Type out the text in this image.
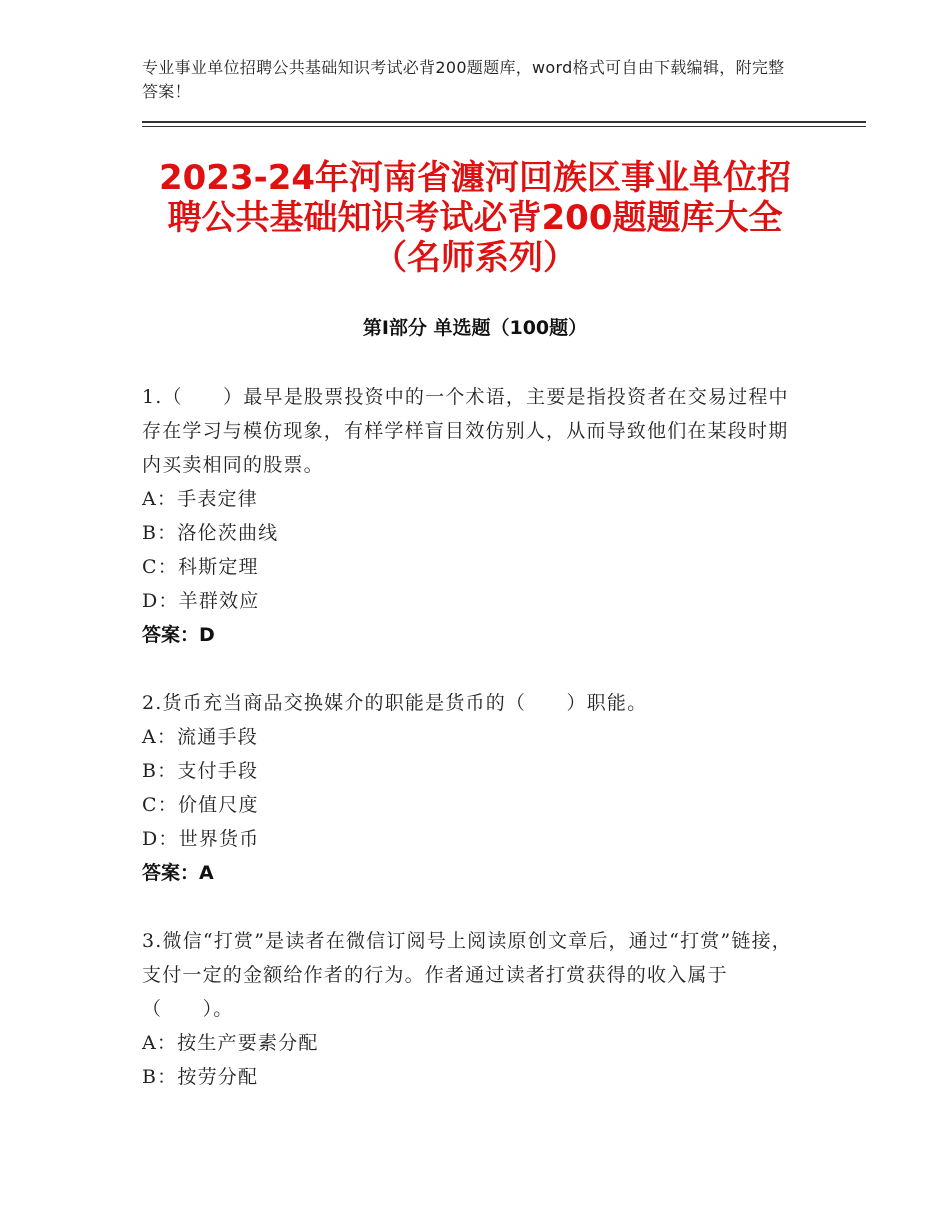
专业事业单位招聘公共基础知识考试必背200题题库，word格式可自由下载编辑，附完整答案！
2023-24年河南省瀍河回族区事业单位招聘公共基础知识考试必背200题题库大全（名师系列）
第Ⅰ部分 单选题（100题）
1.（　　）最早是股票投资中的一个术语，主要是指投资者在交易过程中存在学习与模仿现象，有样学样盲目效仿别人，从而导致他们在某段时期内买卖相同的股票。
A：手表定律
B：洛伦茨曲线
C：科斯定理
D：羊群效应
答案：D
2.货币充当商品交换媒介的职能是货币的（　　）职能。
A：流通手段
B：支付手段
C：价值尺度
D：世界货币
答案：A
3.微信“打赏”是读者在微信订阅号上阅读原创文章后，通过“打赏”链接，支付一定的金额给作者的行为。作者通过读者打赏获得的收入属于（　　）。
A：按生产要素分配
B：按劳分配
